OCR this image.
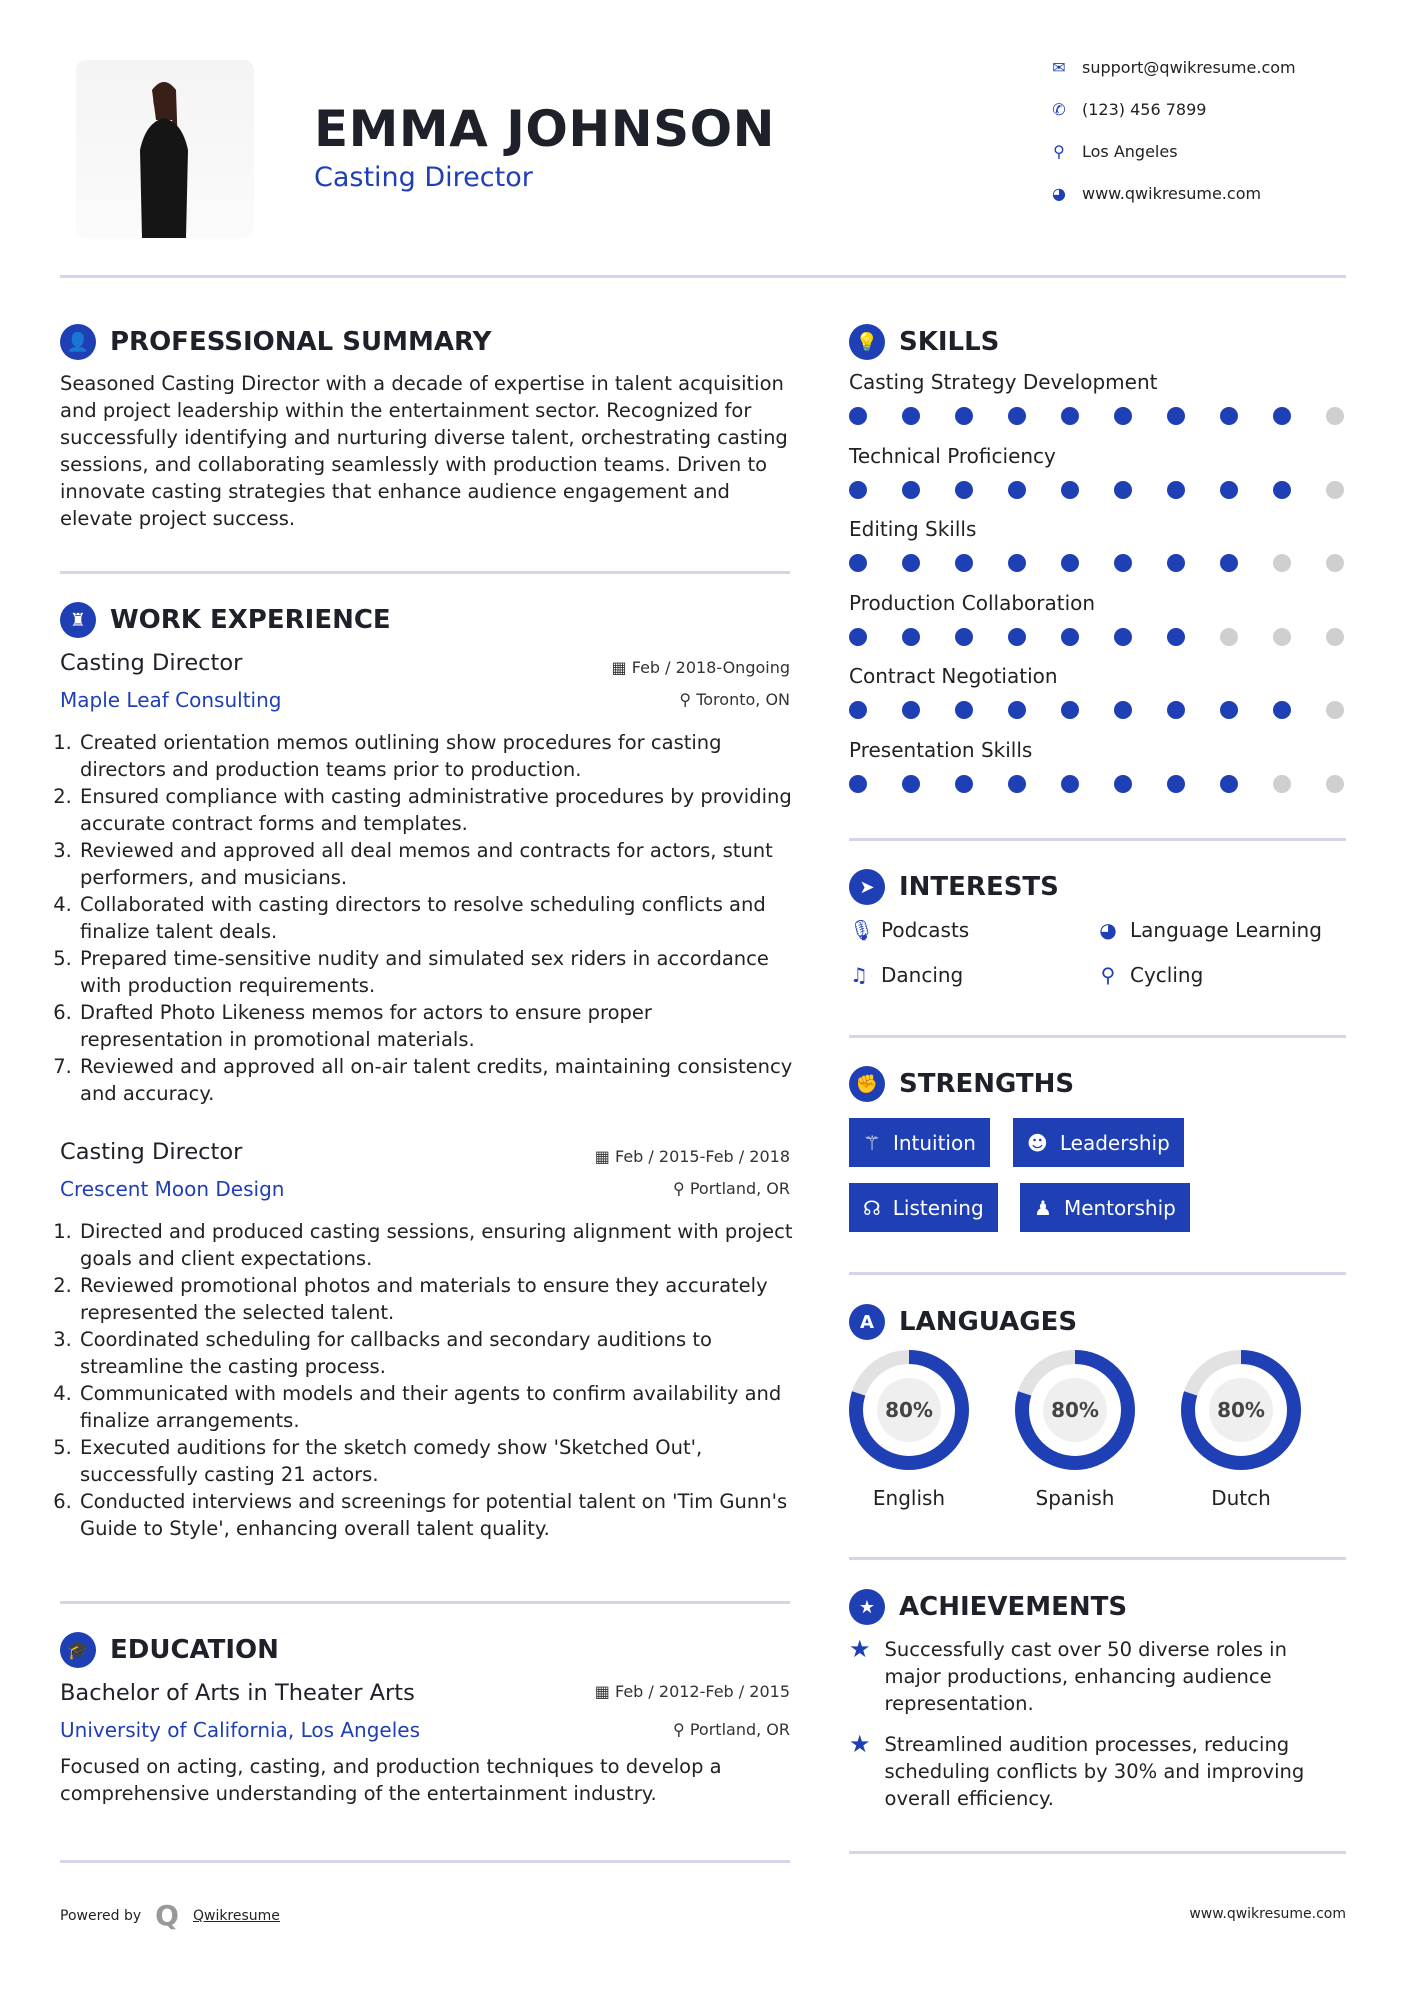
EMMA JOHNSON
Casting Director
👤 PROFESSIONAL SUMMARY
Seasoned Casting Director with a decade of expertise in talent acquisition and project leadership within the entertainment sector. Recognized for successfully identifying and nurturing diverse talent, orchestrating casting sessions, and collaborating seamlessly with production teams. Driven to innovate casting strategies that enhance audience engagement and elevate project success.
♜ WORK EXPERIENCE
🎓 EDUCATION
Bachelor of Arts in Theater Arts
University of California, Los Angeles
▦ Feb / 2012-Feb / 2015
⚲ Portland, OR
Focused on acting, casting, and production techniques to develop a comprehensive understanding of the entertainment industry.
💡 SKILLS
➤ INTERESTS
✊ STRENGTHS
A LANGUAGES
★ ACHIEVEMENTS
Powered by Q Qwikresume	www.qwikresume.com
✉ support@qwikresume.com
✆ (123) 456 7899
⚲ Los Angeles
◕ www.qwikresume.com
Casting Director
Maple Leaf Consulting
▦ Feb / 2018-Ongoing
⚲ Toronto, ON
1. Created orientation memos outlining show procedures for casting directors and production teams prior to production.
2. Ensured compliance with casting administrative procedures by providing accurate contract forms and templates.
3. Reviewed and approved all deal memos and contracts for actors, stunt performers, and musicians.
4. Collaborated with casting directors to resolve scheduling conflicts and finalize talent deals.
5. Prepared time-sensitive nudity and simulated sex riders in accordance with production requirements.
6. Drafted Photo Likeness memos for actors to ensure proper representation in promotional materials.
7. Reviewed and approved all on-air talent credits, maintaining consistency and accuracy.
Casting Director
Crescent Moon Design
▦ Feb / 2015-Feb / 2018
⚲ Portland, OR
1. Directed and produced casting sessions, ensuring alignment with project goals and client expectations.
2. Reviewed promotional photos and materials to ensure they accurately represented the selected talent.
3. Coordinated scheduling for callbacks and secondary auditions to streamline the casting process.
4. Communicated with models and their agents to confirm availability and finalize arrangements.
5. Executed auditions for the sketch comedy show 'Sketched Out', successfully casting 21 actors.
6. Conducted interviews and screenings for potential talent on 'Tim Gunn's Guide to Style', enhancing overall talent quality.
Casting Strategy Development
Technical Proficiency
Editing Skills
Production Collaboration
Contract Negotiation
Presentation Skills
🎙 Podcasts	◕ Language Learning
♫ Dancing	⚲ Cycling
⚚ Intuition	☻ Leadership
☊ Listening	♟ Mentorship
80%
English
80%
Spanish
80%
Dutch
★ Successfully cast over 50 diverse roles in major productions, enhancing audience representation.
★ Streamlined audition processes, reducing scheduling conflicts by 30% and improving overall efficiency.
